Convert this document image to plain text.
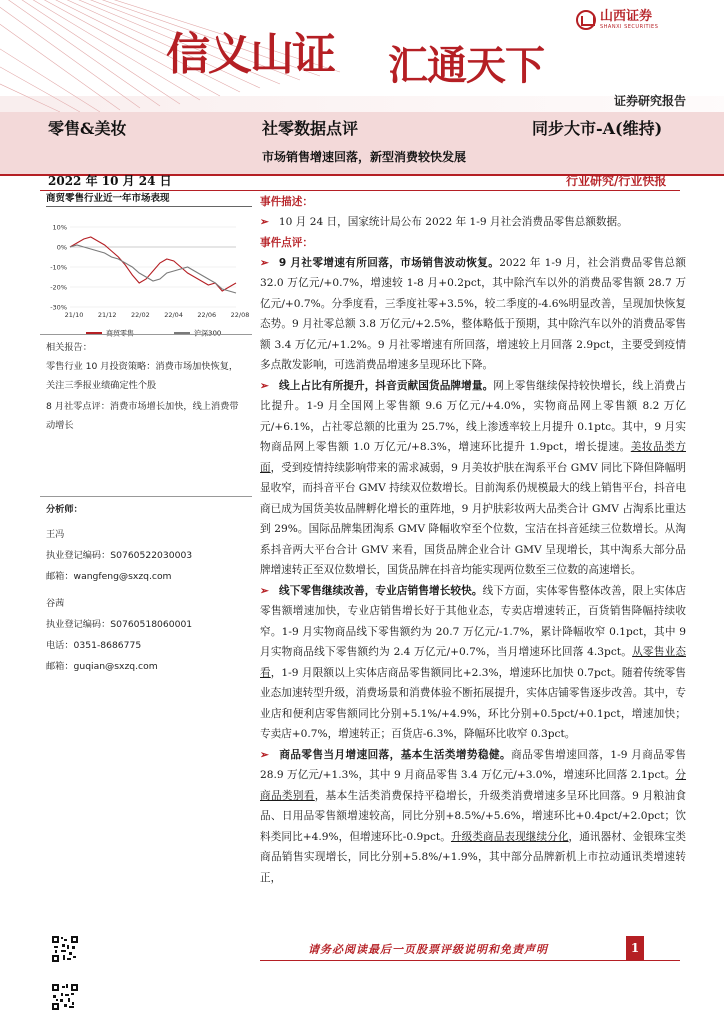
信义山证 汇通天下
山西证券
SHANXI SECURITIES
证券研究报告
零售&美妆	社零数据点评	同步大市-A(维持)
市场销售增速回落，新型消费较快发展
2022 年 10 月 24 日	行业研究/行业快报
商贸零售行业近一年市场表现
10%
0%
-10%
-20%
-30%
21/10 21/12 22/02 22/04 22/06 22/08
相关报告：
零售行业 10 月投资策略：消费市场加快恢复，关注三季报业绩确定性个股
8 月社零点评：消费市场增长加快，线上消费带动增长
分析师：
王冯
执业登记编码：S0760522030003
邮箱：wangfeng@sxzq.com
谷茜
执业登记编码：S0760518060001
电话：0351-8686775
邮箱：guqian@sxzq.com
事件描述：
➢ 10 月 24 日，国家统计局公布 2022 年 1-9 月社会消费品零售总额数据。
事件点评：
➢ 9 月社零增速有所回落，市场销售波动恢复。2022 年 1-9 月，社会消费品零售总额 32.0 万亿元/+0.7%，增速较 1-8 月+0.2pct，其中除汽车以外的消费品零售额 28.7 万亿元/+0.7%。分季度看，三季度社零+3.5%，较二季度的-4.6%明显改善，呈现加快恢复态势。9 月社零总额 3.8 万亿元/+2.5%，整体略低于预期，其中除汽车以外的消费品零售额 3.4 万亿元/+1.2%。9 月社零增速有所回落，增速较上月回落 2.9pct，主要受到疫情多点散发影响，可选消费品增速多呈现环比下降。
➢ 线上占比有所提升，抖音贡献国货品牌增量。网上零售继续保持较快增长，线上消费占比提升。1-9 月全国网上零售额 9.6 万亿元/+4.0%，实物商品网上零售额 8.2 万亿元/+6.1%，占社零总额的比重为 25.7%，线上渗透率较上月提升 0.1ptc。其中，9 月实物商品网上零售额 1.0 万亿元/+8.3%，增速环比提升 1.9pct，增长提速。美妆品类方面，受到疫情持续影响带来的需求减弱，9 月美妆护肤在淘系平台 GMV 同比下降但降幅明显收窄，而抖音平台 GMV 持续双位数增长。目前淘系仍规模最大的线上销售平台，抖音电商已成为国货美妆品牌孵化增长的重阵地，9 月护肤彩妆两大品类合计 GMV 占淘系比重达到 29%。国际品牌集团淘系 GMV 降幅收窄至个位数，宝洁在抖音延续三位数增长。从淘系抖音两大平台合计 GMV 来看，国货品牌企业合计 GMV 呈现增长，其中淘系大部分品牌增速转正至双位数增长，国货品牌在抖音均能实现两位数至三位数的高速增长。
➢ 线下零售继续改善，专业店销售增长较快。线下方面，实体零售整体改善，限上实体店零售额增速加快，专业店销售增长好于其他业态，专卖店增速转正，百货销售降幅持续收窄。1-9 月实物商品线下零售额约为 20.7 万亿元/-1.7%，累计降幅收窄 0.1pct，其中 9 月实物商品线下零售额约为 2.4 万亿元/+0.7%，当月增速环比回落 4.3pct。从零售业态看，1-9 月限额以上实体店商品零售额同比+2.3%，增速环比加快 0.7pct。随着传统零售业态加速转型升级，消费场景和消费体验不断拓展提升，实体店铺零售逐步改善。其中，专业店和便利店零售额同比分别+5.1%/+4.9%，环比分别+0.5pct/+0.1pct，增速加快；专卖店+0.7%，增速转正；百货店-6.3%，降幅环比收窄 0.3pct。
➢ 商品零售当月增速回落，基本生活类增势稳健。商品零售增速回落，1-9 月商品零售 28.9 万亿元/+1.3%，其中 9 月商品零售 3.4 万亿元/+3.0%，增速环比回落 2.1pct。分商品类别看，基本生活类消费保持平稳增长，升级类消费增速多呈环比回落。9 月粮油食品、日用品零售额增速较高，同比分别+8.5%/+5.6%，增速环比+0.4pct/+2.0pct；饮料类同比+4.9%，但增速环比-0.9pct。升级类商品表现继续分化，通讯器材、金银珠宝类商品销售实现增长，同比分别+5.8%/+1.9%，其中部分品牌新机上市拉动通讯类增速转正，
请务必阅读最后一页股票评级说明和免责声明	1
